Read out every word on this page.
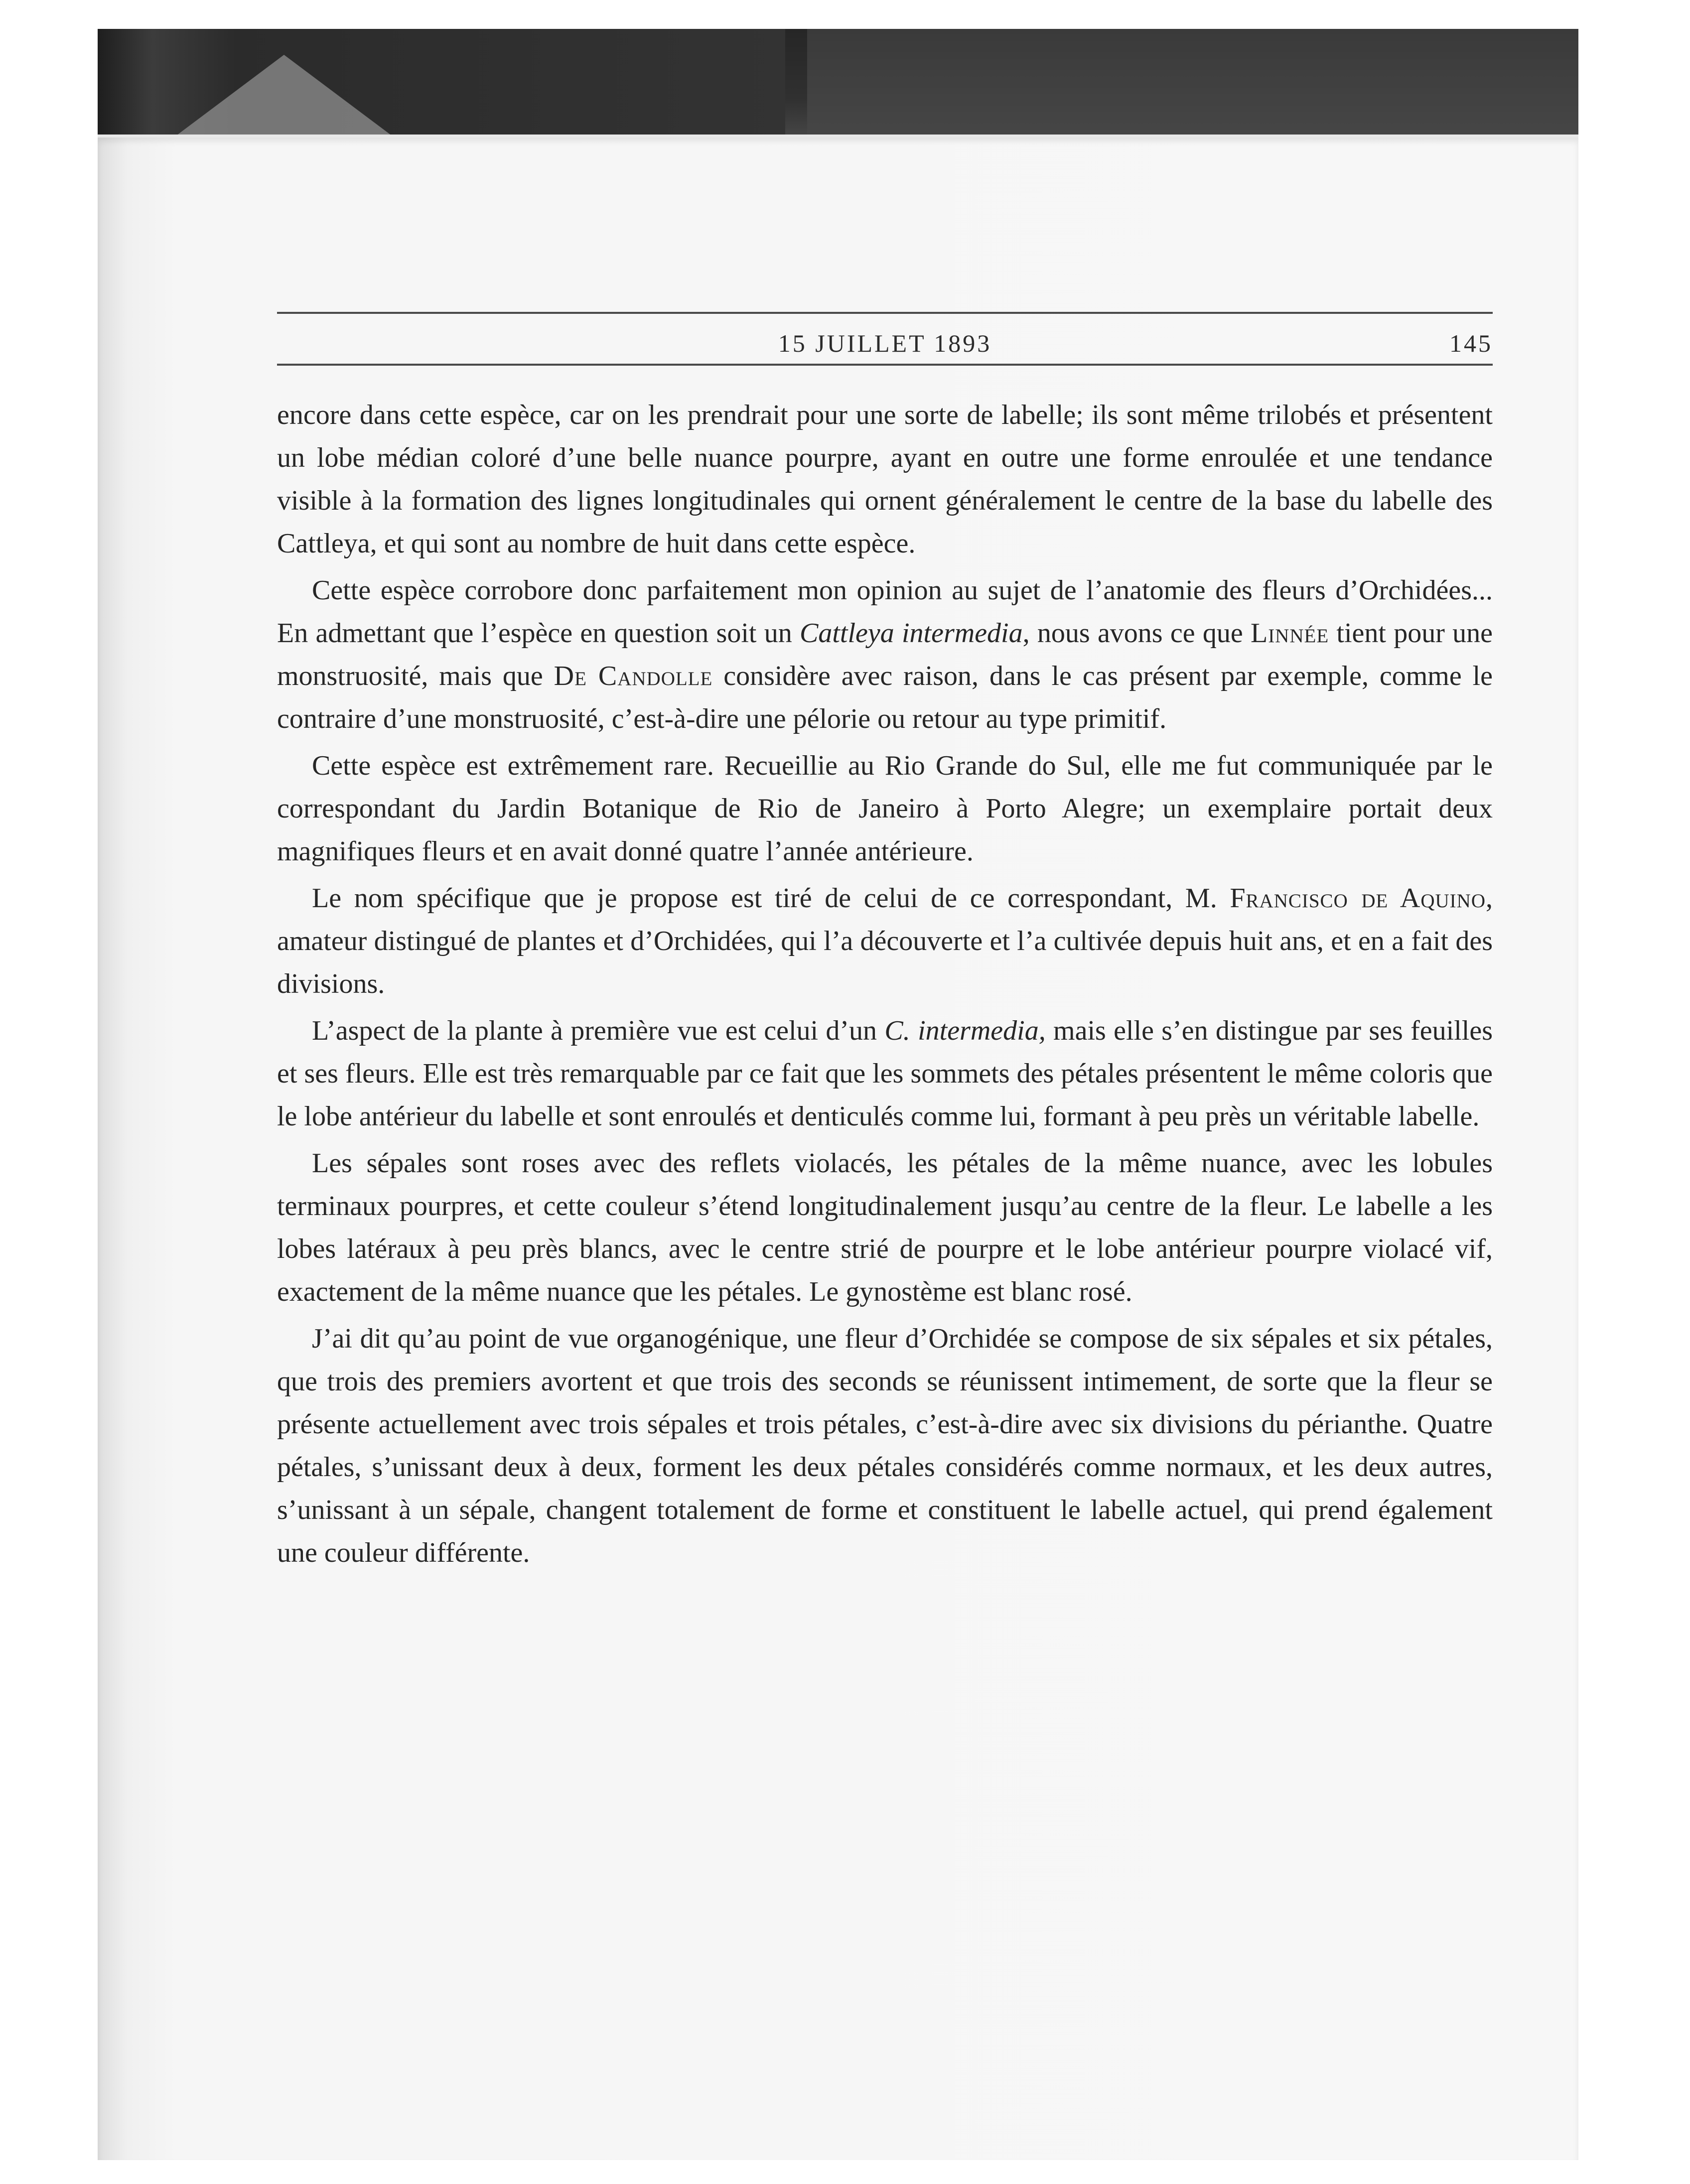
15 JUILLET 1893	145

encore dans cette espèce, car on les prendrait pour une sorte de labelle; ils sont même trilobés et présentent un lobe médian coloré d’une belle nuance pourpre, ayant en outre une forme enroulée et une tendance visible à la formation des lignes longitudinales qui ornent généralement le centre de la base du labelle des Cattleya, et qui sont au nombre de huit dans cette espèce.

Cette espèce corrobore donc parfaitement mon opinion au sujet de l’anatomie des fleurs d’Orchidées... En admettant que l’espèce en question soit un Cattleya intermedia, nous avons ce que Linnée tient pour une monstruosité, mais que De Candolle considère avec raison, dans le cas présent par exemple, comme le contraire d’une monstruosité, c’est-à-dire une pélorie ou retour au type primitif.

Cette espèce est extrêmement rare. Recueillie au Rio Grande do Sul, elle me fut communiquée par le correspondant du Jardin Botanique de Rio de Janeiro à Porto Alegre; un exemplaire portait deux magnifiques fleurs et en avait donné quatre l’année antérieure.

Le nom spécifique que je propose est tiré de celui de ce correspondant, M. Francisco de Aquino, amateur distingué de plantes et d’Orchidées, qui l’a découverte et l’a cultivée depuis huit ans, et en a fait des divisions.

L’aspect de la plante à première vue est celui d’un C. intermedia, mais elle s’en distingue par ses feuilles et ses fleurs. Elle est très remarquable par ce fait que les sommets des pétales présentent le même coloris que le lobe antérieur du labelle et sont enroulés et denticulés comme lui, formant à peu près un véritable labelle.

Les sépales sont roses avec des reflets violacés, les pétales de la même nuance, avec les lobules terminaux pourpres, et cette couleur s’étend longitudinalement jusqu’au centre de la fleur. Le labelle a les lobes latéraux à peu près blancs, avec le centre strié de pourpre et le lobe antérieur pourpre violacé vif, exactement de la même nuance que les pétales. Le gynostème est blanc rosé.

J’ai dit qu’au point de vue organogénique, une fleur d’Orchidée se compose de six sépales et six pétales, que trois des premiers avortent et que trois des seconds se réunissent intimement, de sorte que la fleur se présente actuellement avec trois sépales et trois pétales, c’est-à-dire avec six divisions du périanthe. Quatre pétales, s’unissant deux à deux, forment les deux pétales considérés comme normaux, et les deux autres, s’unissant à un sépale, changent totalement de forme et constituent le labelle actuel, qui prend également une couleur différente.
